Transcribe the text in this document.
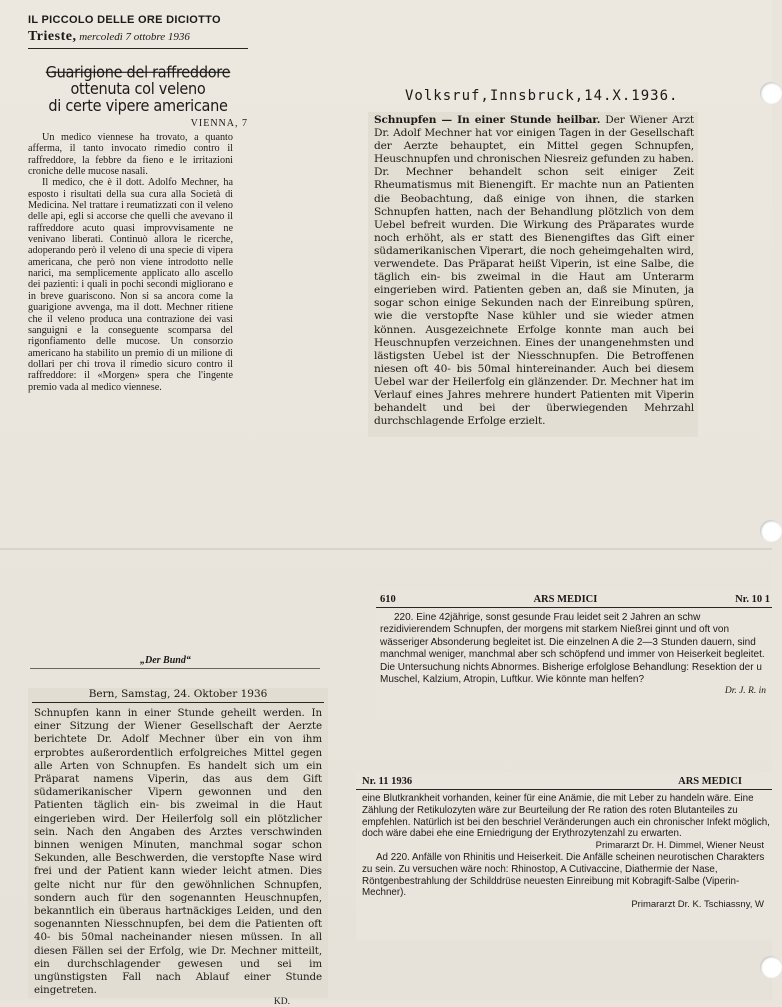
IL PICCOLO DELLE ORE DICIOTTO
Trieste, mercoledì 7 ottobre 1936
Guarigione del raffreddore
ottenuta col veleno
di certe vipere americane
VIENNA, 7

Un medico viennese ha trovato, a quanto afferma, il tanto invocato rimedio contro il raffreddore, la febbre da fieno e le irritazioni croniche delle mucose nasali.

Il medico, che è il dott. Adolfo Mechner, ha esposto i risultati della sua cura alla Società di Medicina. Nel trattare i reumatizzati con il veleno delle api, egli si accorse che quelli che avevano il raffreddore acuto quasi improvvisamente ne venivano liberati. Continuò allora le ricerche, adoperando però il veleno di una specie di vipera americana, che però non viene introdotto nelle narici, ma semplicemente applicato allo ascello dei pazienti: i quali in pochi secondi migliorano e in breve guariscono. Non si sa ancora come la guarigione avvenga, ma il dott. Mechner ritiene che il veleno produca una contrazione dei vasi sanguigni e la conseguente scomparsa del rigonfiamento delle mucose. Un consorzio americano ha stabilito un premio di un milione di dollari per chi trova il rimedio sicuro contro il raffreddore: il «Morgen» spera che l'ingente premio vada al medico viennese.

Volksruf,Innsbruck,14.X.1936.
Schnupfen — In einer Stunde heilbar. Der Wiener Arzt Dr. Adolf Mechner hat vor einigen Tagen in der Gesellschaft der Aerzte behauptet, ein Mittel gegen Schnupfen, Heuschnupfen und chronischen Niesreiz gefunden zu haben. Dr. Mechner behandelt schon seit einiger Zeit Rheumatismus mit Bienengift. Er machte nun an Patienten die Beobachtung, daß einige von ihnen, die starken Schnupfen hatten, nach der Behandlung plötzlich von dem Uebel befreit wurden. Die Wirkung des Präparates wurde noch erhöht, als er statt des Bienengiftes das Gift einer südamerikanischen Viperart, die noch geheimgehalten wird, verwendete. Das Präparat heißt Viperin, ist eine Salbe, die täglich ein- bis zweimal in die Haut am Unterarm eingerieben wird. Patienten geben an, daß sie Minuten, ja sogar schon einige Sekunden nach der Einreibung spüren, wie die verstopfte Nase kühler und sie wieder atmen können. Ausgezeichnete Erfolge konnte man auch bei Heuschnupfen verzeichnen. Eines der unangenehmsten und lästigsten Uebel ist der Niesschnupfen. Die Betroffenen niesen oft 40- bis 50mal hintereinander. Auch bei diesem Uebel war der Heilerfolg ein glänzender. Dr. Mechner hat im Verlauf eines Jahres mehrere hundert Patienten mit Viperin behandelt und bei der überwiegenden Mehrzahl durchschlagende Erfolge erzielt.
„Der Bund“
Bern, Samstag, 24. Oktober 1936
Schnupfen kann in einer Stunde geheilt werden. In einer Sitzung der Wiener Gesellschaft der Aerzte berichtete Dr. Adolf Mechner über ein von ihm erprobtes außerordentlich erfolgreiches Mittel gegen alle Arten von Schnupfen. Es handelt sich um ein Präparat namens Viperin, das aus dem Gift südamerikanischer Vipern gewonnen und den Patienten täglich ein- bis zweimal in die Haut eingerieben wird. Der Heilerfolg soll ein plötzlicher sein. Nach den Angaben des Arztes verschwinden binnen wenigen Minuten, manchmal sogar schon Sekunden, alle Beschwerden, die verstopfte Nase wird frei und der Patient kann wieder leicht atmen. Dies gelte nicht nur für den gewöhnlichen Schnupfen, sondern auch für den sogenannten Heuschnupfen, bekanntlich ein überaus hartnäckiges Leiden, und den sogenannten Niesschnupfen, bei dem die Patienten oft 40- bis 50mal nacheinander niesen müssen. In all diesen Fällen sei der Erfolg, wie Dr. Mechner mitteilt, ein durchschlagender gewesen und sei im ungünstigsten Fall nach Ablauf einer Stunde eingetreten.
KD.
610	ARS MEDICI	Nr. 10 1
220. Eine 42jährige, sonst gesunde Frau leidet seit 2 Jahren an schw rezidivierendem Schnupfen, der morgens mit starkem Nießrei ginnt und oft von wässeriger Absonderung begleitet ist. Die einzelnen A die 2—3 Stunden dauern, sind manchmal weniger, manchmal aber sch schöpfend und immer von Heiserkeit begleitet. Die Untersuchung nichts Abnormes. Bisherige erfolglose Behandlung: Resektion der u Muschel, Kalzium, Atropin, Luftkur. Wie könnte man helfen?
Dr. J. R. in
Nr. 11 1936	ARS MEDICI

eine Blutkrankheit vorhanden, keiner für eine Anämie, die mit Leber zu handeln wäre. Eine Zählung der Retikulozyten wäre zur Beurteilung der Re ration des roten Blutanteiles zu empfehlen. Natürlich ist bei den beschriel Veränderungen auch ein chronischer Infekt möglich, doch wäre dabei ehe eine Erniedrigung der Erythrozytenzahl zu erwarten.

Primararzt Dr. H. Dimmel, Wiener Neust

Ad 220. Anfälle von Rhinitis und Heiserkeit. Die Anfälle scheinen neurotischen Charakters zu sein. Zu versuchen wäre noch: Rhinostop, A Cutivaccine, Diathermie der Nase, Röntgenbestrahlung der Schilddrüse neuesten Einreibung mit Kobragift-Salbe (Viperin-Mechner).

Primararzt Dr. K. Tschiassny, W
